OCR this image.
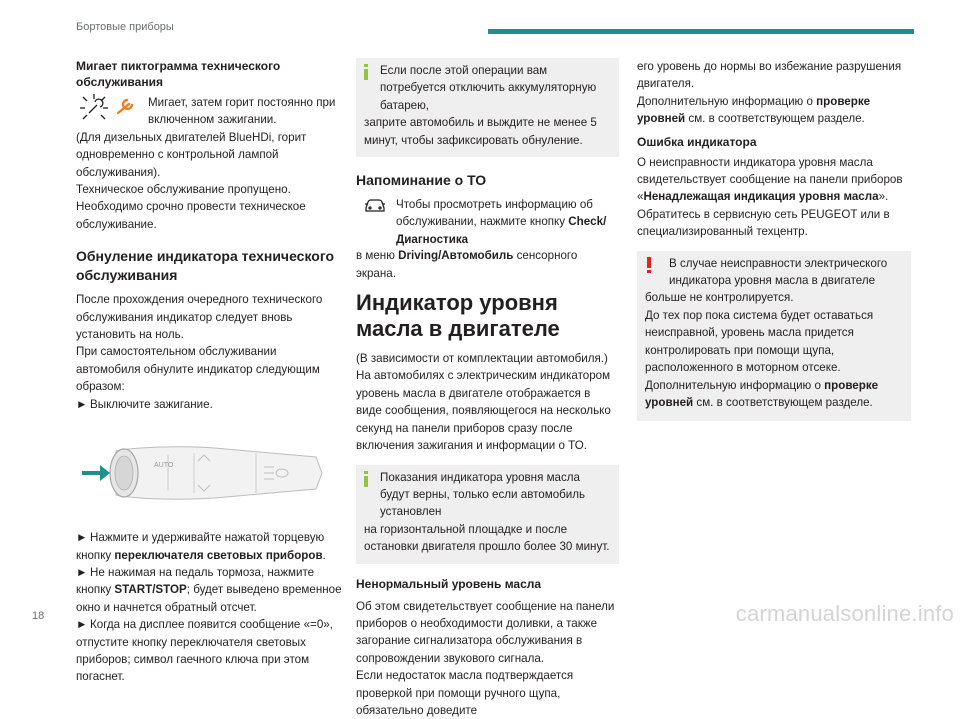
Бортовые приборы

Мигает пиктограмма технического обслуживания

Мигает, затем горит постоянно при включенном зажигании.

(Для дизельных двигателей BlueHDi, горит одновременно с контрольной лампой обслуживания).

Техническое обслуживание пропущено.

Необходимо срочно провести техническое обслуживание.

Обнуление индикатора технического обслуживания

После прохождения очередного технического обслуживания индикатор следует вновь установить на ноль.

При самостоятельном обслуживании автомобиля обнулите индикатор следующим образом:

► Выключите зажигание.

AUTO

► Нажмите и удерживайте нажатой торцевую кнопку переключателя световых приборов.

► Не нажимая на педаль тормоза, нажмите кнопку START/STOP; будет выведено временное окно и начнется обратный отсчет.

► Когда на дисплее появится сообщение «=0», отпустите кнопку переключателя световых приборов; символ гаечного ключа при этом погаснет.

Если после этой операции вам потребуется отключить аккумуляторную батарею,

заприте автомобиль и выждите не менее 5 минут, чтобы зафиксировать обнуление.

Напоминание о ТО

Чтобы просмотреть информацию об обслуживании, нажмите кнопку

Check/ Диагностика

в меню Driving/Автомобиль сенсорного экрана.

Индикатор уровня масла в двигателе

(В зависимости от комплектации автомобиля.)

На автомобилях с электрическим индикатором уровень масла в двигателе отображается в виде сообщения, появляющегося на несколько секунд на панели приборов сразу после включения зажигания и информации о ТО.

Показания индикатора уровня масла будут верны, только если автомобиль установлен

на горизонтальной площадке и после остановки двигателя прошло более 30 минут.

Ненормальный уровень масла

Об этом свидетельствует сообщение на панели приборов о необходимости доливки, а также загорание сигнализатора обслуживания в сопровождении звукового сигнала.

Если недостаток масла подтверждается проверкой при помощи ручного щупа, обязательно доведите

его уровень до нормы во избежание разрушения двигателя.

Дополнительную информацию о проверке уровней см. в соответствующем разделе.

Ошибка индикатора

О неисправности индикатора уровня масла свидетельствует сообщение на панели приборов «Ненадлежащая индикация уровня масла».

Обратитесь в сервисную сеть PEUGEOT или в специализированный техцентр.

В случае неисправности электрического индикатора уровня масла в двигателе

больше не контролируется.

До тех пор пока система будет оставаться неисправной, уровень масла придется контролировать при помощи щупа, расположенного в моторном отсеке.

Дополнительную информацию о проверке уровней см. в соответствующем разделе.

18	carmanualsonline.info
